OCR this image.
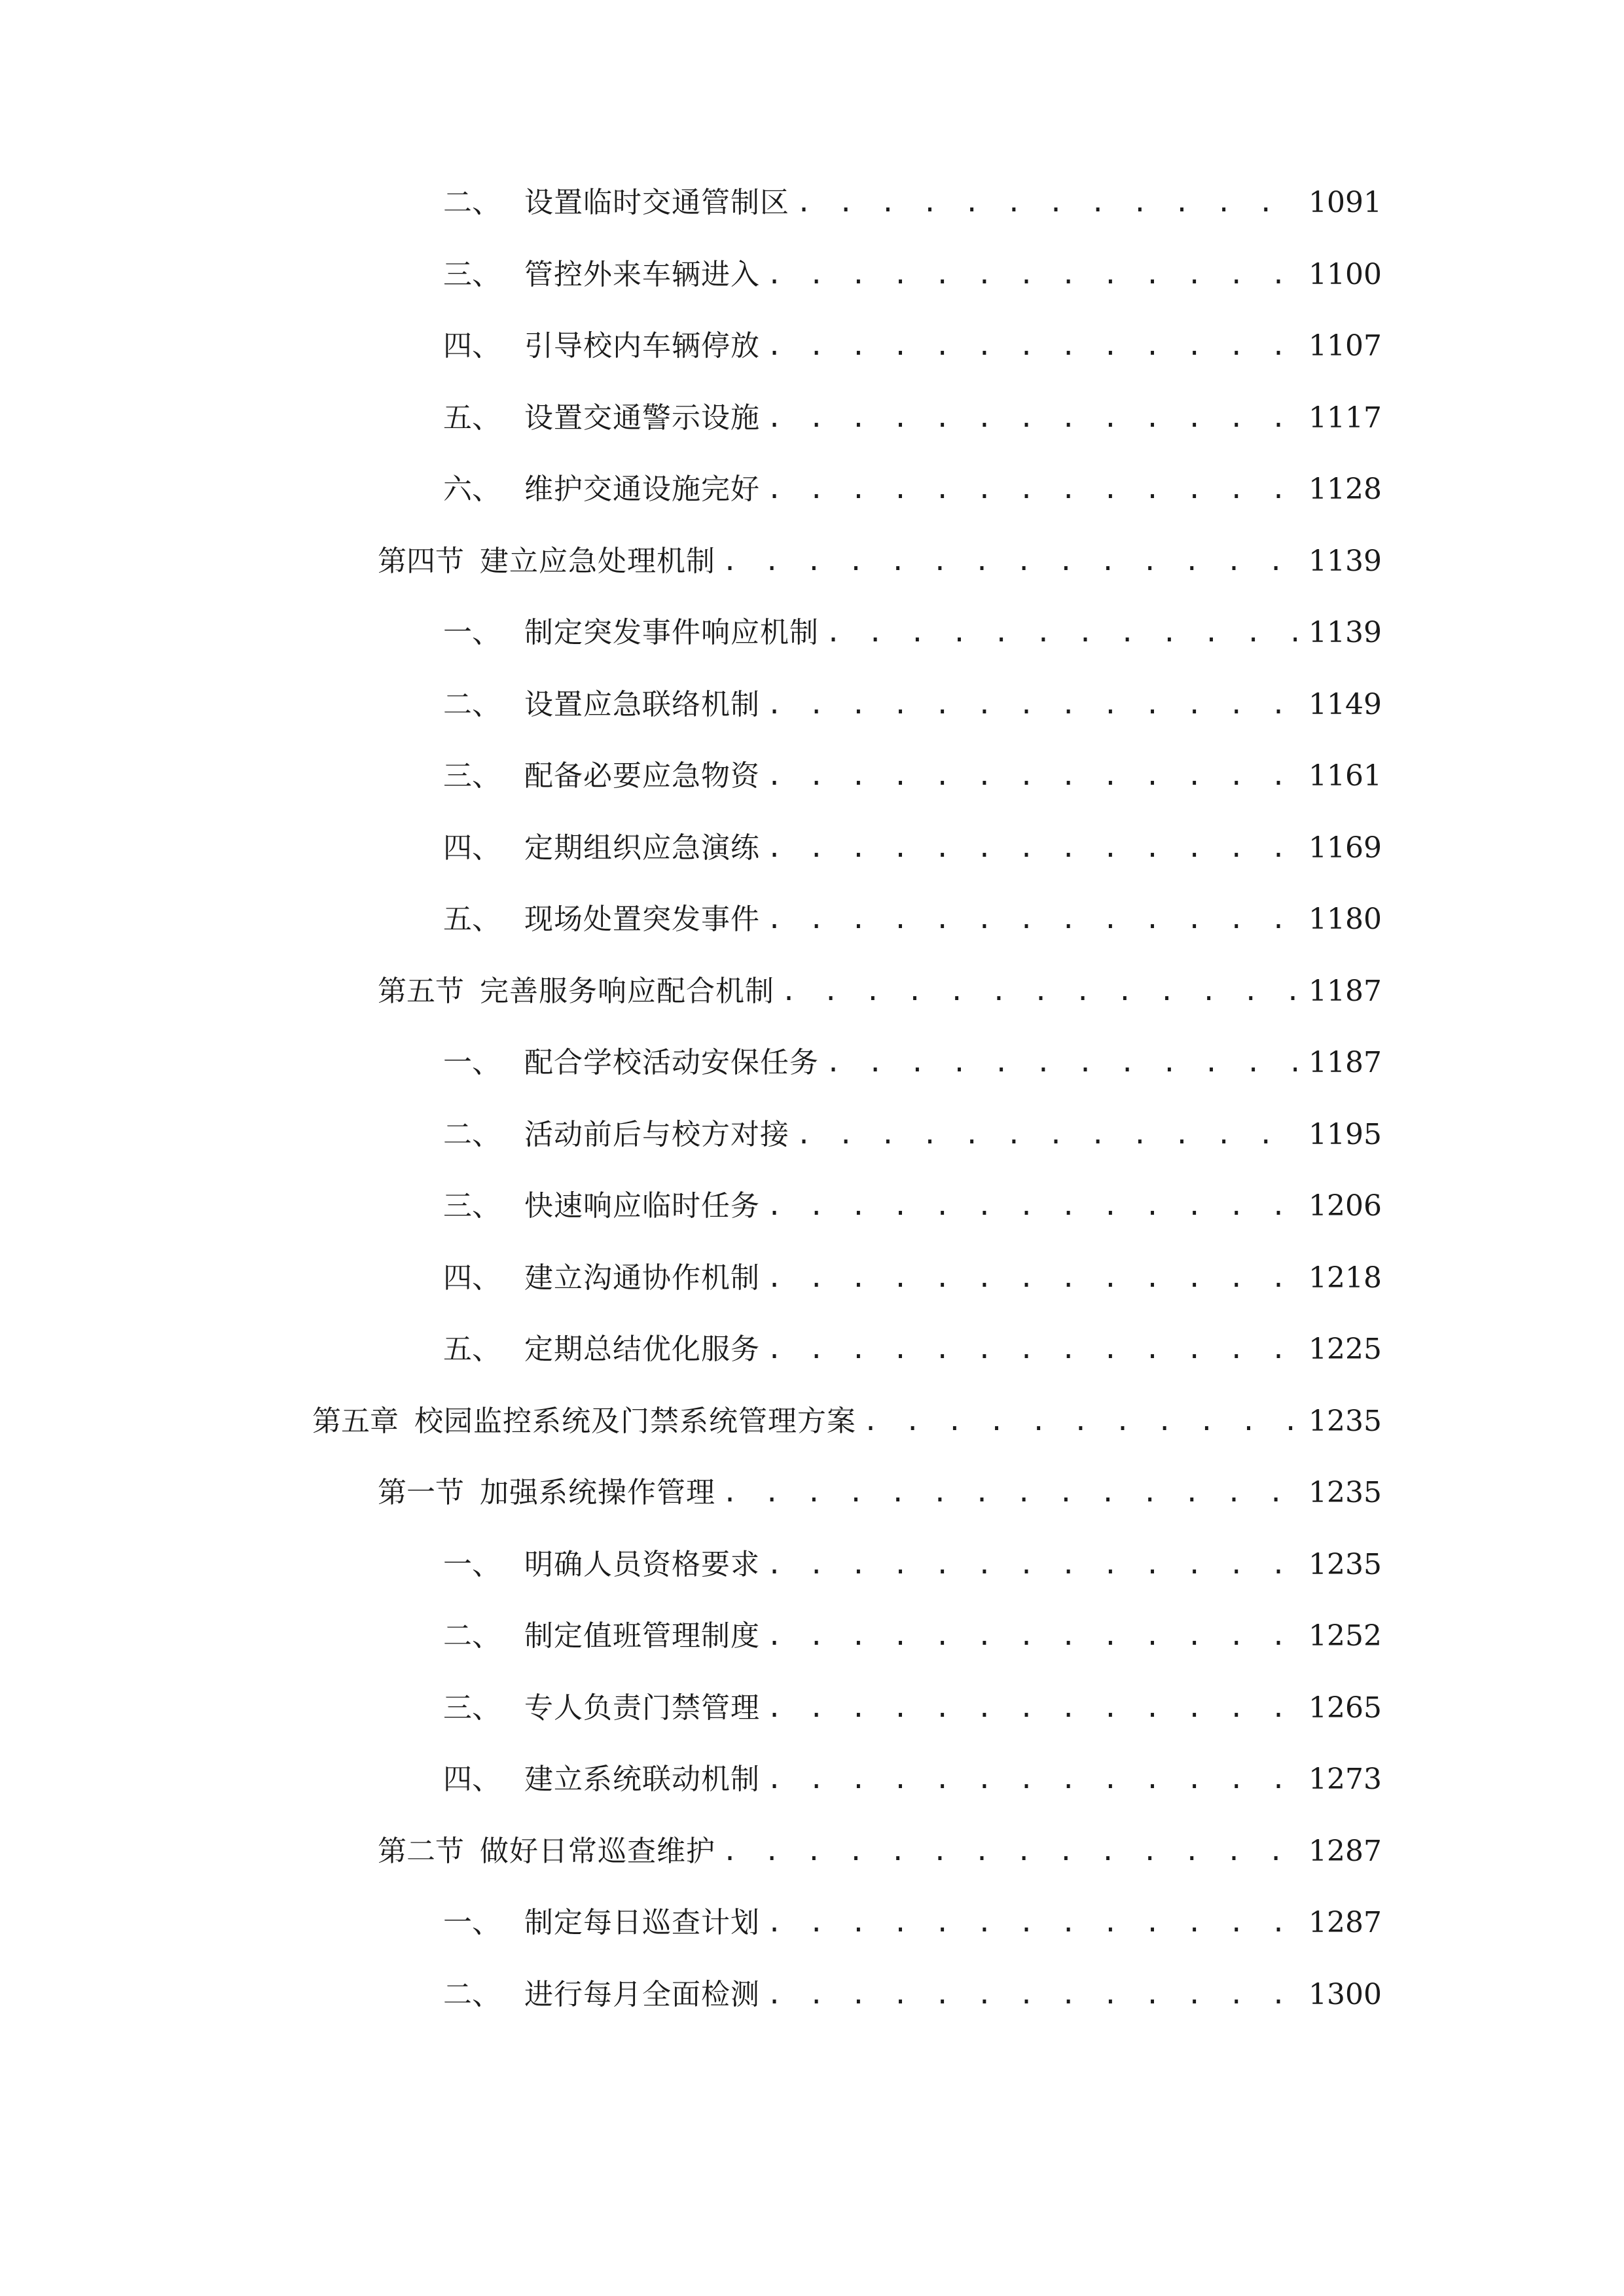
二、 设置临时交通管制区 . . .	1091
三、 管控外来车辆进入 . . .	1100
四、 引导校内车辆停放 . . .	1107
五、 设置交通警示设施 . . .	1117
六、 维护交通设施完好 . . .	1128
第四节 建立应急处理机制 . . .	1139
一、 制定突发事件响应机制 . . .	1139
二、 设置应急联络机制 . . .	1149
三、 配备必要应急物资 . . .	1161
四、 定期组织应急演练 . . .	1169
五、 现场处置突发事件 . . .	1180
第五节 完善服务响应配合机制 . . .	1187
一、 配合学校活动安保任务 . . .	1187
二、 活动前后与校方对接 . . .	1195
三、 快速响应临时任务 . . .	1206
四、 建立沟通协作机制 . . .	1218
五、 定期总结优化服务 . . .	1225
第五章 校园监控系统及门禁系统管理方案 . . .	1235
第一节 加强系统操作管理 . . .	1235
一、 明确人员资格要求 . . .	1235
二、 制定值班管理制度 . . .	1252
三、 专人负责门禁管理 . . .	1265
四、 建立系统联动机制 . . .	1273
第二节 做好日常巡查维护 . . .	1287
一、 制定每日巡查计划 . . .	1287
二、 进行每月全面检测 . . .	1300
